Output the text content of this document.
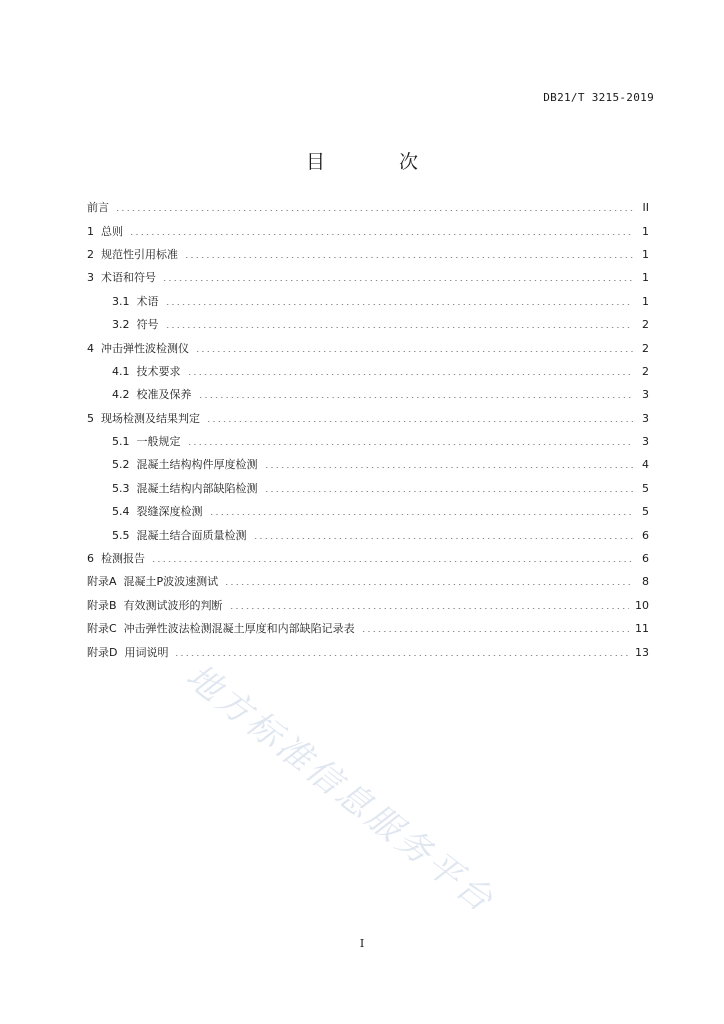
DB21/T 3215-2019
目 次
前言	II
1 总则	1
2 规范性引用标准	1
3 术语和符号	1
3.1 术语	1
3.2 符号	2
4 冲击弹性波检测仪	2
4.1 技术要求	2
4.2 校准及保养	3
5 现场检测及结果判定	3
5.1 一般规定	3
5.2 混凝土结构构件厚度检测	4
5.3 混凝土结构内部缺陷检测	5
5.4 裂缝深度检测	5
5.5 混凝土结合面质量检测	6
6 检测报告	6
附录A 混凝土P波波速测试	8
附录B 有效测试波形的判断	10
附录C 冲击弹性波法检测混凝土厚度和内部缺陷记录表	11
附录D 用词说明	13
地方标准信息服务平台
I
